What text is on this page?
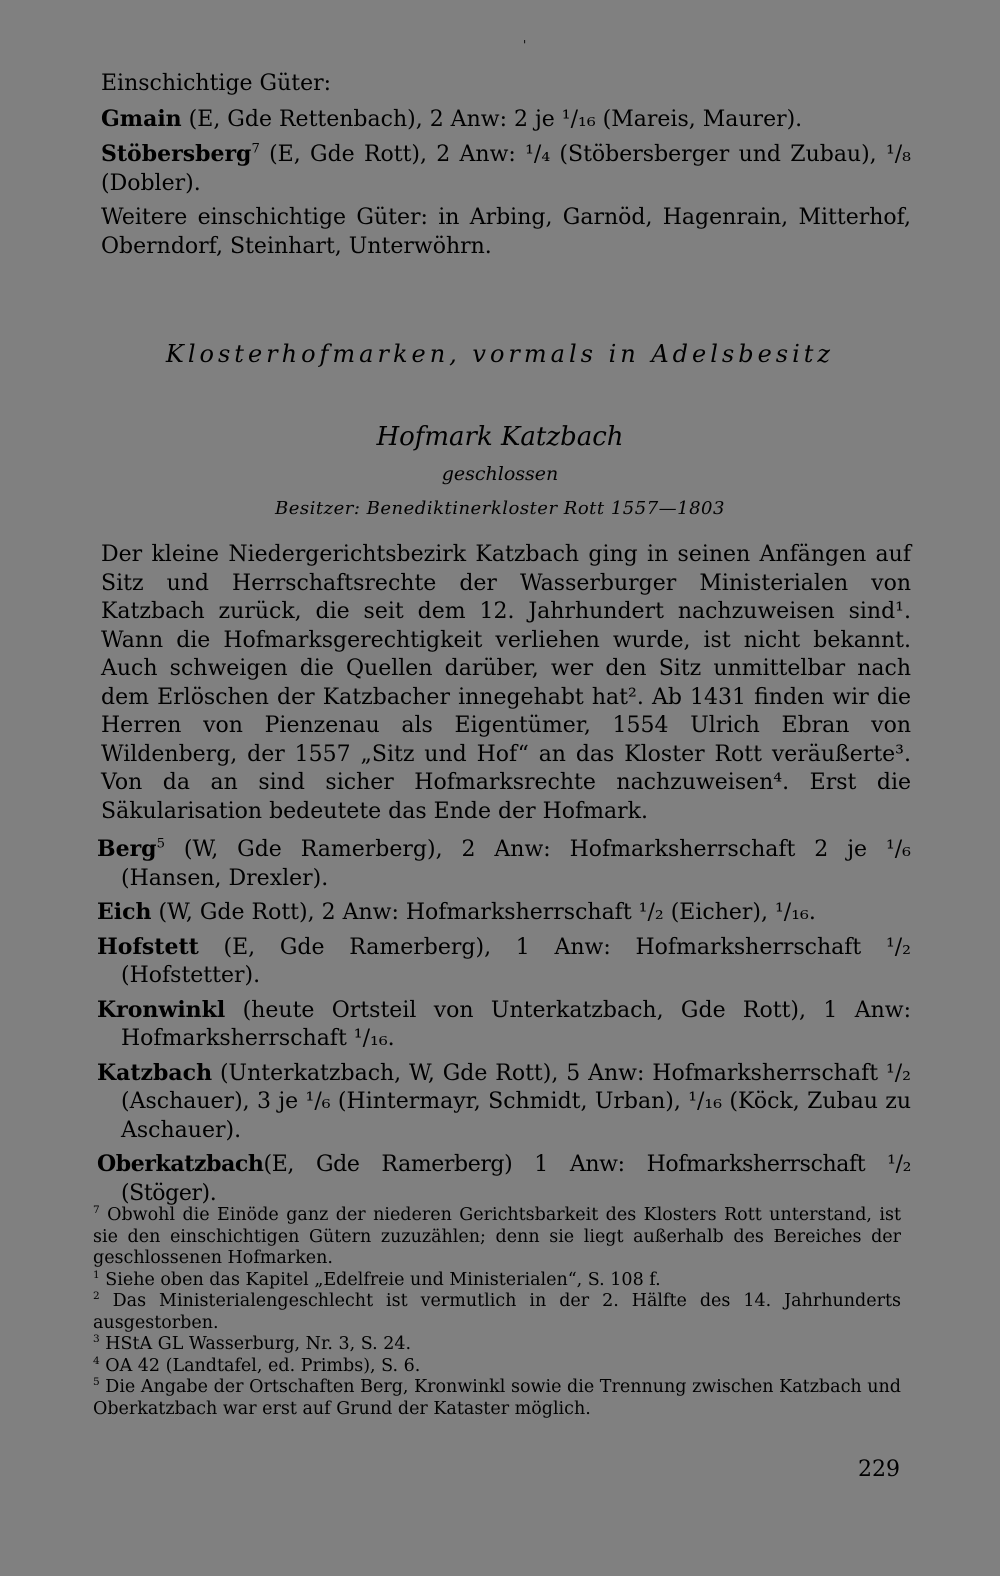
'

Einschichtige Güter:

Gmain (E, Gde Rettenbach), 2 Anw: 2 je ¹/₁₆ (Mareis, Maurer).

Stöbersberg$^7$ (E, Gde Rott), 2 Anw: ¹/₄ (Stöbersberger und Zubau), ¹/₈ (Dobler).

Weitere einschichtige Güter: in Arbing, Garnöd, Hagenrain, Mitterhof, Oberndorf, Steinhart, Unterwöhrn.

Klosterhofmarken, vormals in Adelsbesitz
Hofmark Katzbach
geschlossen
Besitzer: Benediktinerkloster Rott 1557—1803
Der kleine Niedergerichtsbezirk Katzbach ging in seinen Anfängen auf Sitz und Herrschaftsrechte der Wasserburger Ministerialen von Katzbach zurück, die seit dem 12. Jahrhundert nachzuweisen sind¹. Wann die Hofmarksgerechtigkeit verliehen wurde, ist nicht bekannt. Auch schweigen die Quellen darüber, wer den Sitz unmittelbar nach dem Erlöschen der Katzbacher innegehabt hat². Ab 1431 finden wir die Herren von Pienzenau als Eigentümer, 1554 Ulrich Ebran von Wildenberg, der 1557 „Sitz und Hof“ an das Kloster Rott veräußerte³. Von da an sind sicher Hofmarksrechte nachzuweisen⁴. Erst die Säkularisation bedeutete das Ende der Hofmark.

Berg$^5$ (W, Gde Ramerberg), 2 Anw: Hofmarksherrschaft 2 je ¹/₆ (Hansen, Drexler).

Eich (W, Gde Rott), 2 Anw: Hofmarksherrschaft ¹/₂ (Eicher), ¹/₁₆.

Hofstett (E, Gde Ramerberg), 1 Anw: Hofmarksherrschaft ¹/₂ (Hofstetter).

Kronwinkl (heute Ortsteil von Unterkatzbach, Gde Rott), 1 Anw: Hofmarksherrschaft ¹/₁₆.

Katzbach (Unterkatzbach, W, Gde Rott), 5 Anw: Hofmarksherrschaft ¹/₂ (Aschauer), 3 je ¹/₆ (Hintermayr, Schmidt, Urban), ¹/₁₆ (Köck, Zubau zu Aschauer).

Oberkatzbach(E, Gde Ramerberg) 1 Anw: Hofmarksherrschaft ¹/₂ (Stöger).

$^7$ Obwohl die Einöde ganz der niederen Gerichtsbarkeit des Klosters Rott unterstand, ist sie den einschichtigen Gütern zuzuzählen; denn sie liegt außerhalb des Bereiches der geschlossenen Hofmarken.

$^1$ Siehe oben das Kapitel „Edelfreie und Ministerialen“, S. 108 f.

$^2$ Das Ministerialengeschlecht ist vermutlich in der 2. Hälfte des 14. Jahrhunderts ausgestorben.

$^3$ HStA GL Wasserburg, Nr. 3, S. 24.

$^4$ OA 42 (Landtafel, ed. Primbs), S. 6.

$^5$ Die Angabe der Ortschaften Berg, Kronwinkl sowie die Trennung zwischen Katzbach und Oberkatzbach war erst auf Grund der Kataster möglich.

229
